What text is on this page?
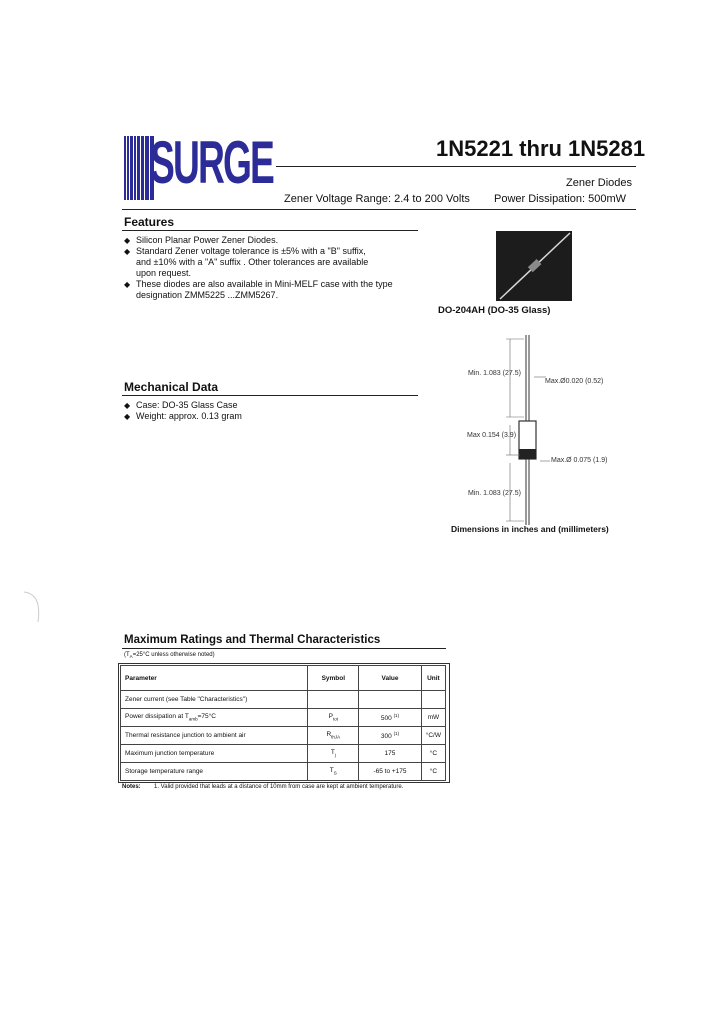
SURGE	1N5221 thru 1N5281
Zener Diodes
Zener Voltage Range: 2.4 to 200 Volts Power Dissipation: 500mW
Features
◆ Silicon Planar Power Zener Diodes.
◆ Standard Zener voltage tolerance is ±5% with a "B" suffix,
and ±10% with a "A" suffix . Other tolerances are available
upon request.
◆ These diodes are also available in Mini-MELF case with the type
designation ZMM5225 ...ZMM5267.
DO-204AH (DO-35 Glass)
Mechanical Data
◆ Case: DO-35 Glass Case
◆ Weight: approx. 0.13 gram
Min. 1.083 (27.5)
Max.Ø0.020 (0.52)
Max 0.154 (3.9)
Max.Ø 0.075 (1.9)
Min. 1.083 (27.5)
Dimensions in inches and (millimeters)
Maximum Ratings and Thermal Characteristics
($T_A=25^\circ C$ unless otherwise noted)
Parameter	Symbol	Value	Unit
Zener current (see Table "Characteristics")			
Power dissipation at $T_{amb}=75^\circ C$	$P_{tot}$	500 $^{(1)}$	mW
Thermal resistance junction to ambient air	$R_{thJA}$	300 $^{(1)}$	°C/W
Maximum junction temperature	$T_j$	175	°C
Storage temperature range	$T_S$	-65 to +175	°C
Notes: 1. Valid provided that leads at a distance of 10mm from case are kept at ambient temperature.
